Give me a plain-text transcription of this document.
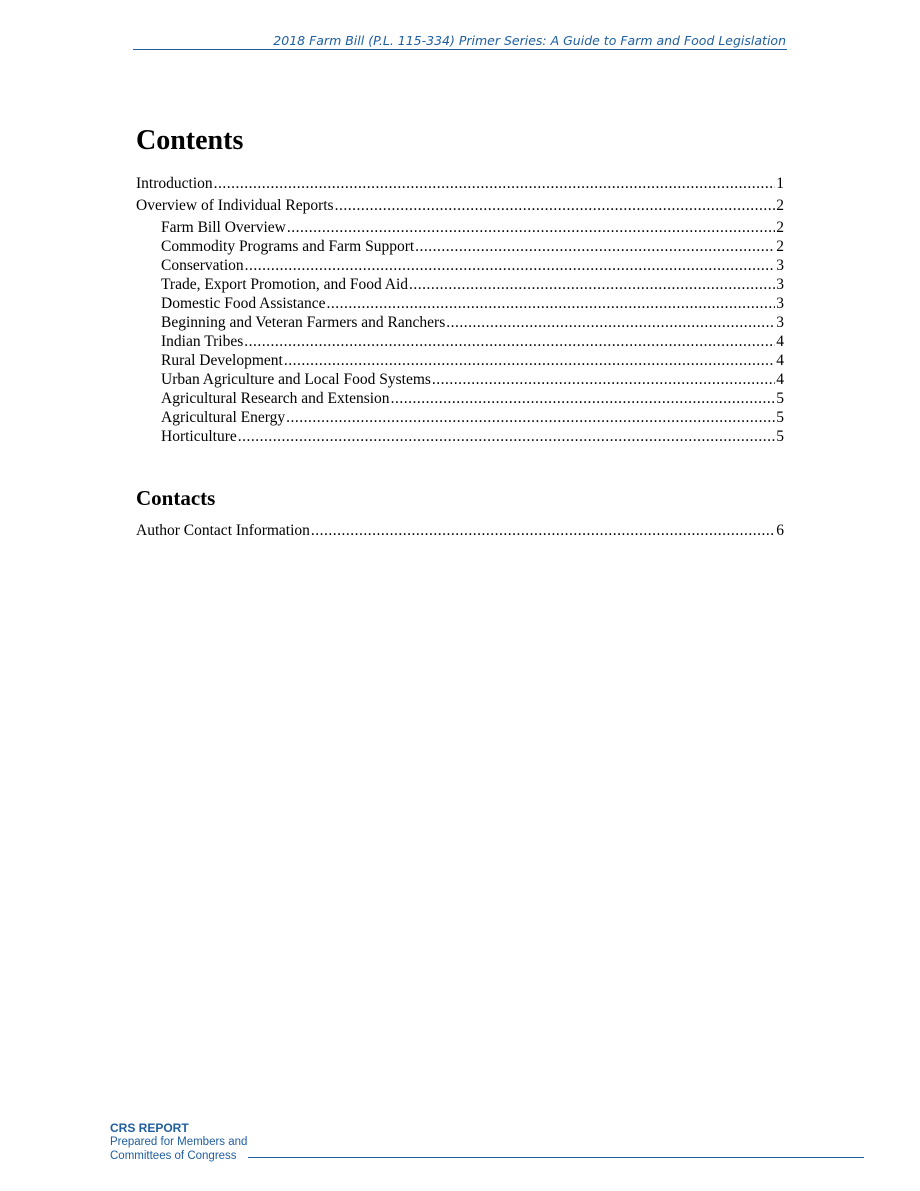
2018 Farm Bill (P.L. 115-334) Primer Series: A Guide to Farm and Food Legislation
Contents
Introduction .....	1
Overview of Individual Reports .....	2
Farm Bill Overview .....	2
Commodity Programs and Farm Support .....	2
Conservation .....	3
Trade, Export Promotion, and Food Aid .....	3
Domestic Food Assistance .....	3
Beginning and Veteran Farmers and Ranchers .....	3
Indian Tribes .....	4
Rural Development .....	4
Urban Agriculture and Local Food Systems .....	4
Agricultural Research and Extension .....	5
Agricultural Energy .....	5
Horticulture .....	5
Contacts
Author Contact Information .....	6
CRS REPORT
Prepared for Members and
Committees of Congress
